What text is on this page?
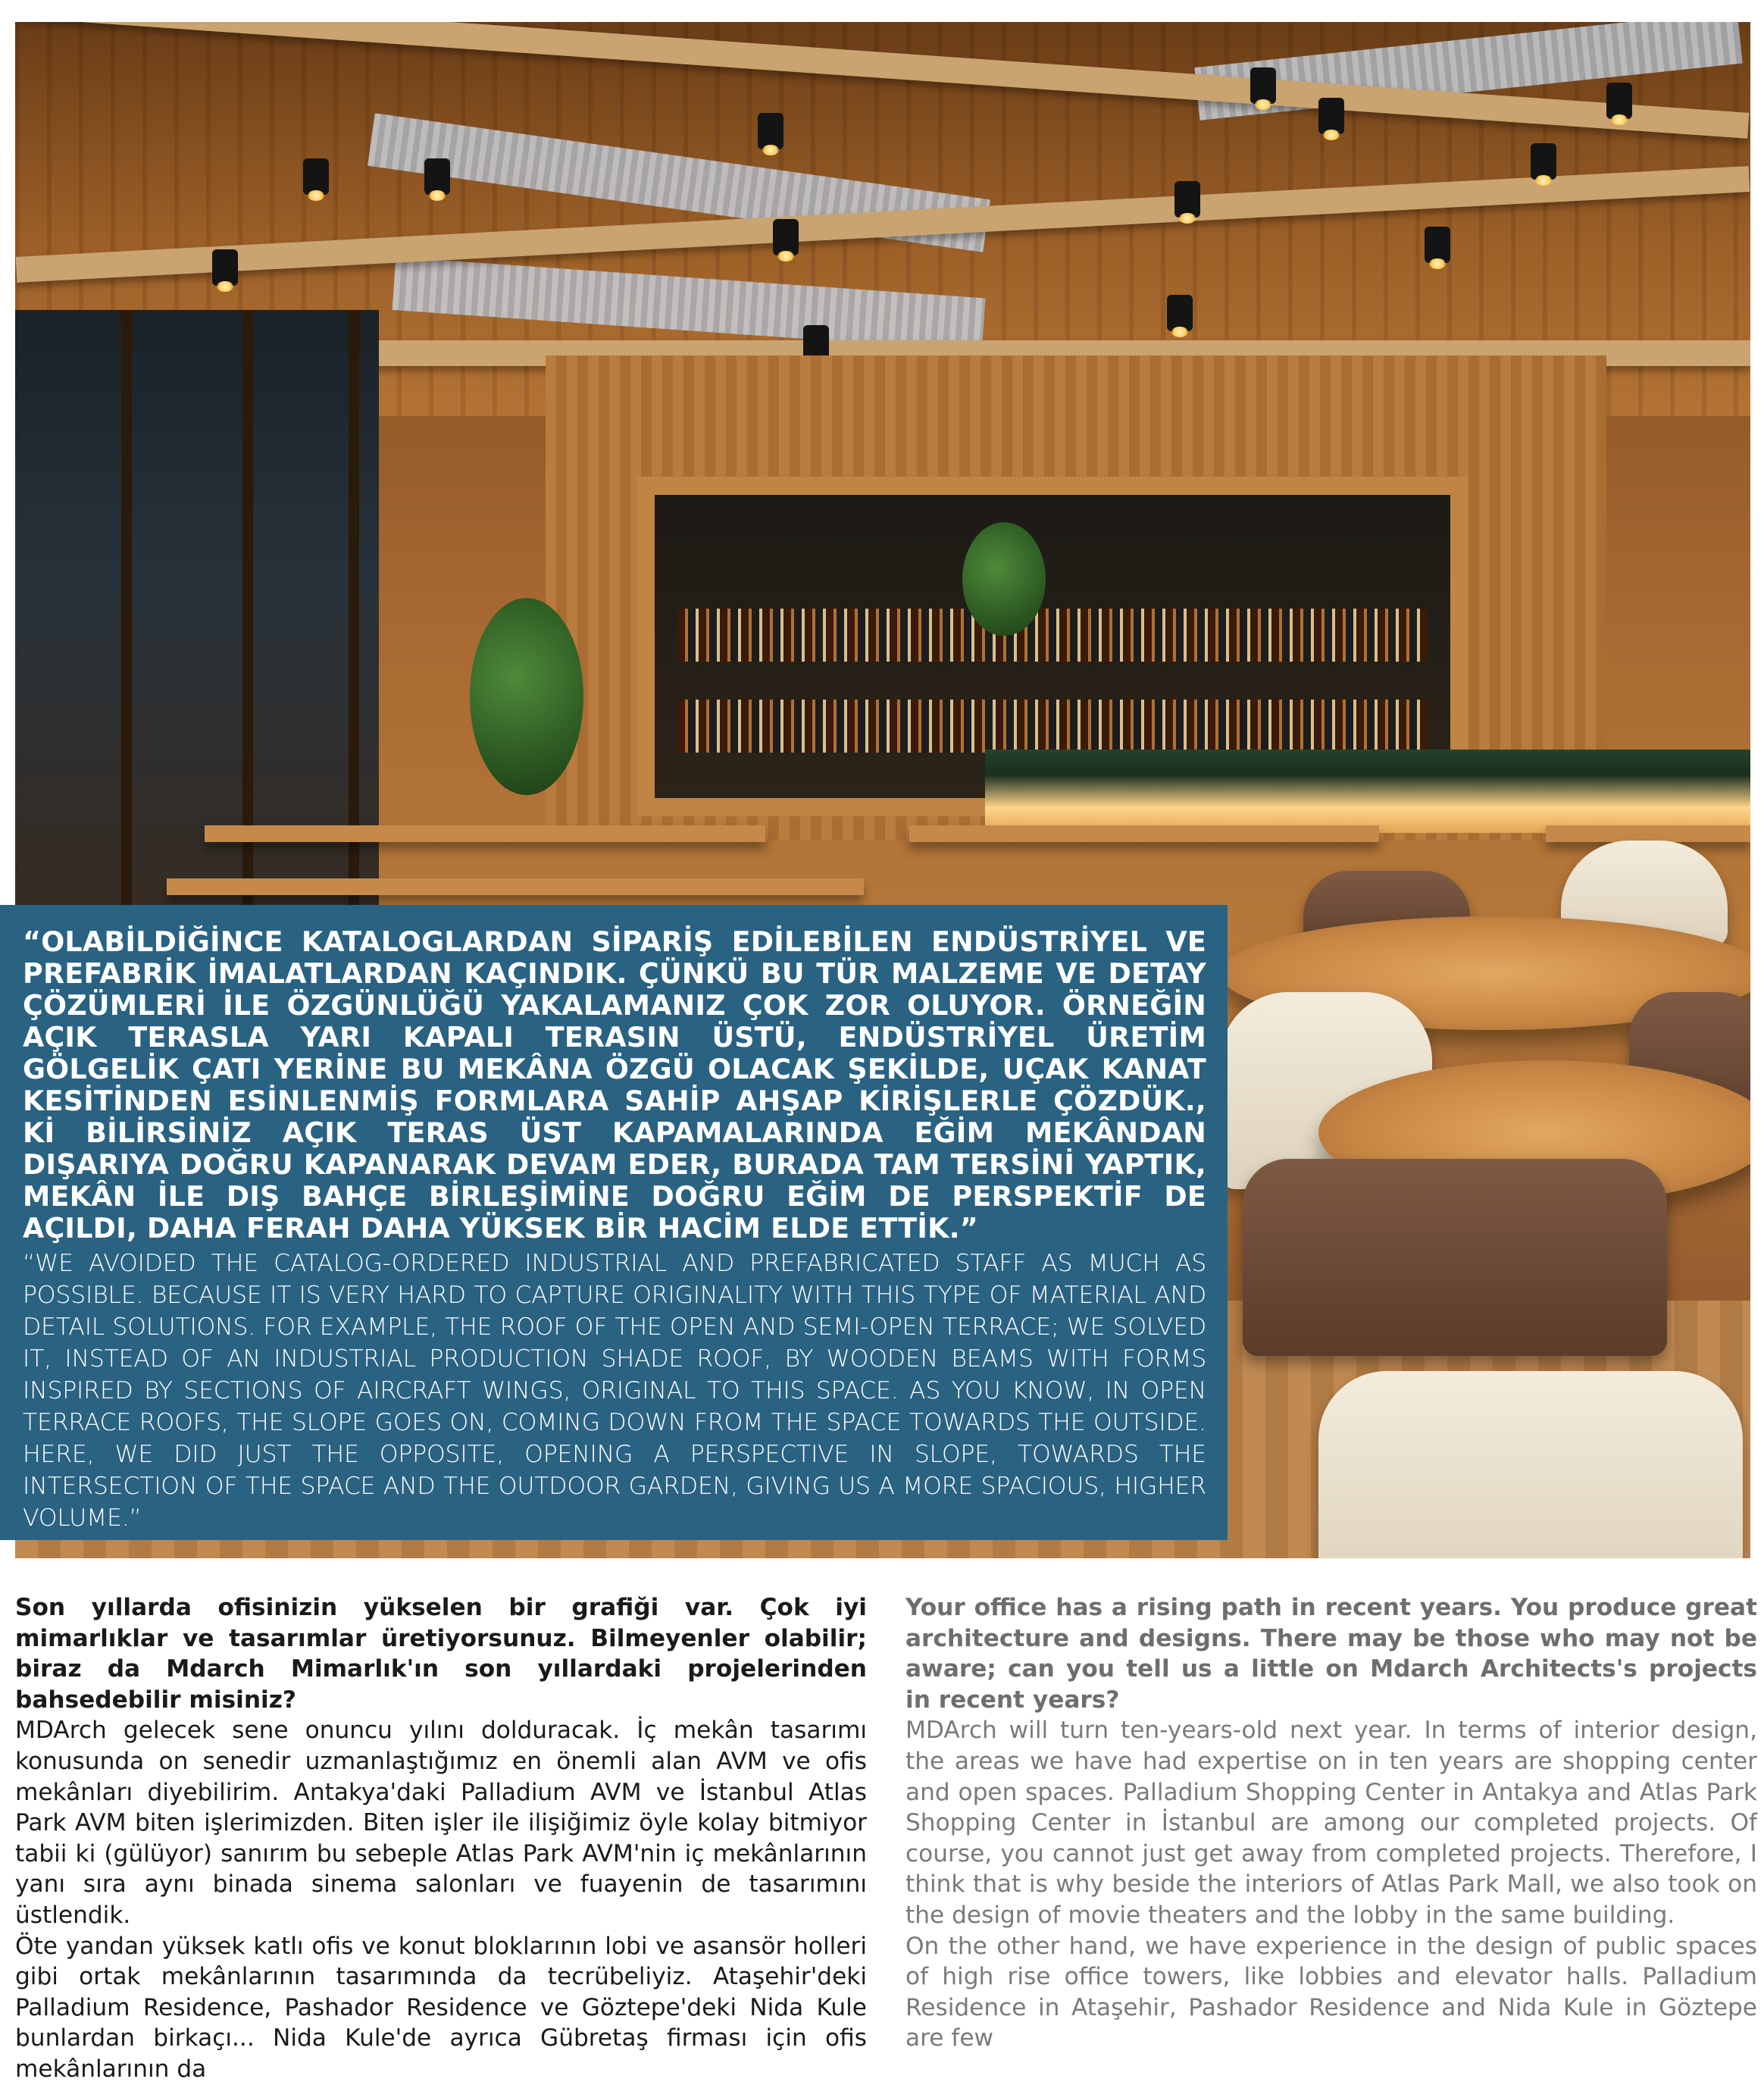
“OLABİLDİĞİNCE KATALOGLARDAN SİPARİŞ EDİLEBİLEN ENDÜSTRİYEL VE PREFABRİK İMALATLARDAN KAÇINDIK. ÇÜNKÜ BU TÜR MALZEME VE DETAY ÇÖZÜMLERİ İLE ÖZGÜNLÜĞÜ YAKALAMANIZ ÇOK ZOR OLUYOR. ÖRNEĞİN AÇIK TERASLA YARI KAPALI TERASIN ÜSTÜ, ENDÜSTRİYEL ÜRETİM GÖLGELİK ÇATI YERİNE BU MEKÂNA ÖZGÜ OLACAK ŞEKİLDE, UÇAK KANAT KESİTİNDEN ESİNLENMİŞ FORMLARA SAHİP AHŞAP KİRİŞLERLE ÇÖZDÜK., Kİ BİLİRSİNİZ AÇIK TERAS ÜST KAPAMALARINDA EĞİM MEKÂNDAN DIŞARIYA DOĞRU KAPANARAK DEVAM EDER, BURADA TAM TERSİNİ YAPTIK, MEKÂN İLE DIŞ BAHÇE BİRLEŞİMİNE DOĞRU EĞİM DE PERSPEKTİF DE AÇILDI, DAHA FERAH DAHA YÜKSEK BİR HACİM ELDE ETTİK.”

“WE AVOIDED THE CATALOG-ORDERED INDUSTRIAL AND PREFABRICATED STAFF AS MUCH AS POSSIBLE. BECAUSE IT IS VERY HARD TO CAPTURE ORIGINALITY WITH THIS TYPE OF MATERIAL AND DETAIL SOLUTIONS. FOR EXAMPLE, THE ROOF OF THE OPEN AND SEMI-OPEN TERRACE; WE SOLVED IT, INSTEAD OF AN INDUSTRIAL PRODUCTION SHADE ROOF, BY WOODEN BEAMS WITH FORMS INSPIRED BY SECTIONS OF AIRCRAFT WINGS, ORIGINAL TO THIS SPACE. AS YOU KNOW, IN OPEN TERRACE ROOFS, THE SLOPE GOES ON, COMING DOWN FROM THE SPACE TOWARDS THE OUTSIDE. HERE, WE DID JUST THE OPPOSITE, OPENING A PERSPECTIVE IN SLOPE, TOWARDS THE INTERSECTION OF THE SPACE AND THE OUTDOOR GARDEN, GIVING US A MORE SPACIOUS, HIGHER VOLUME.”

Son yıllarda ofisinizin yükselen bir grafiği var. Çok iyi mimarlıklar ve tasarımlar üretiyorsunuz. Bilmeyenler olabilir; biraz da Mdarch Mimarlık'ın son yıllardaki projelerinden bahsedebilir misiniz?

MDArch gelecek sene onuncu yılını dolduracak. İç mekân tasarımı konusunda on senedir uzmanlaştığımız en önemli alan AVM ve ofis mekânları diyebilirim. Antakya'daki Palladium AVM ve İstanbul Atlas Park AVM biten işlerimizden. Biten işler ile ilişiğimiz öyle kolay bitmiyor tabii ki (gülüyor) sanırım bu sebeple Atlas Park AVM'nin iç mekânlarının yanı sıra aynı binada sinema salonları ve fuayenin de tasarımını üstlendik.

Öte yandan yüksek katlı ofis ve konut bloklarının lobi ve asansör holleri gibi ortak mekânlarının tasarımında da tecrübeliyiz. Ataşehir'deki Palladium Residence, Pashador Residence ve Göztepe'deki Nida Kule bunlardan birkaçı... Nida Kule'de ayrıca Gübretaş firması için ofis mekânlarının da

Your office has a rising path in recent years. You produce great architecture and designs. There may be those who may not be aware; can you tell us a little on Mdarch Architects's projects in recent years?

MDArch will turn ten-years-old next year. In terms of interior design, the areas we have had expertise on in ten years are shopping center and open spaces. Palladium Shopping Center in Antakya and Atlas Park Shopping Center in İstanbul are among our completed projects. Of course, you cannot just get away from completed projects. Therefore, I think that is why beside the interiors of Atlas Park Mall, we also took on the design of movie theaters and the lobby in the same building.

On the other hand, we have experience in the design of public spaces of high rise office towers, like lobbies and elevator halls. Palladium Residence in Ataşehir, Pashador Residence and Nida Kule in Göztepe are few
